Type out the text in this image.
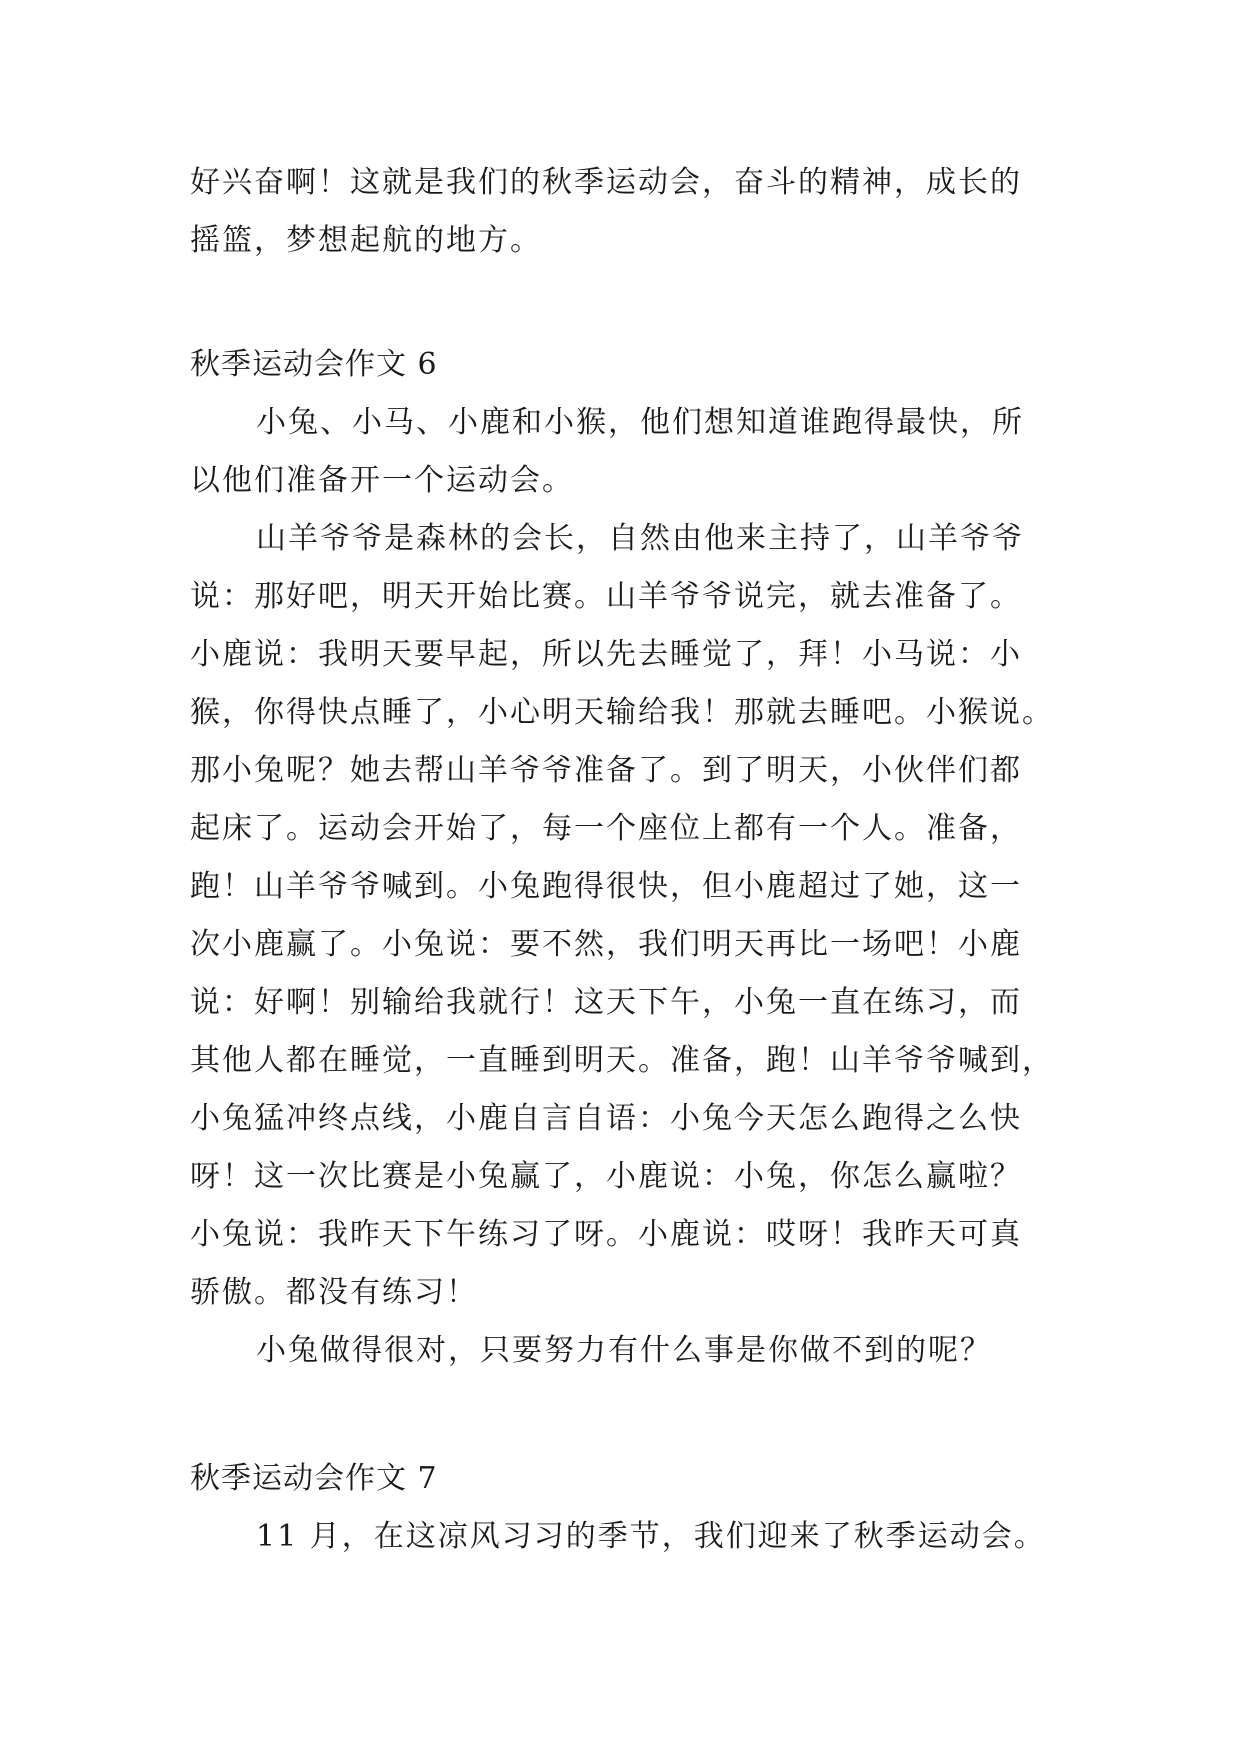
好兴奋啊！这就是我们的秋季运动会，奋斗的精神，成长的
摇篮，梦想起航的地方。
秋季运动会作文 6
小兔、小马、小鹿和小猴，他们想知道谁跑得最快，所
以他们准备开一个运动会。
山羊爷爷是森林的会长，自然由他来主持了，山羊爷爷
说：那好吧，明天开始比赛。山羊爷爷说完，就去准备了。
小鹿说：我明天要早起，所以先去睡觉了，拜！小马说：小
猴，你得快点睡了，小心明天输给我！那就去睡吧。小猴说。
那小兔呢？她去帮山羊爷爷准备了。到了明天，小伙伴们都
起床了。运动会开始了，每一个座位上都有一个人。准备，
跑！山羊爷爷喊到。小兔跑得很快，但小鹿超过了她，这一
次小鹿赢了。小兔说：要不然，我们明天再比一场吧！小鹿
说：好啊！别输给我就行！这天下午，小兔一直在练习，而
其他人都在睡觉，一直睡到明天。准备，跑！山羊爷爷喊到，
小兔猛冲终点线，小鹿自言自语：小兔今天怎么跑得之么快
呀！这一次比赛是小兔赢了，小鹿说：小兔，你怎么赢啦？
小兔说：我昨天下午练习了呀。小鹿说：哎呀！我昨天可真
骄傲。都没有练习！
小兔做得很对，只要努力有什么事是你做不到的呢？
秋季运动会作文 7
11 月，在这凉风习习的季节，我们迎来了秋季运动会。
